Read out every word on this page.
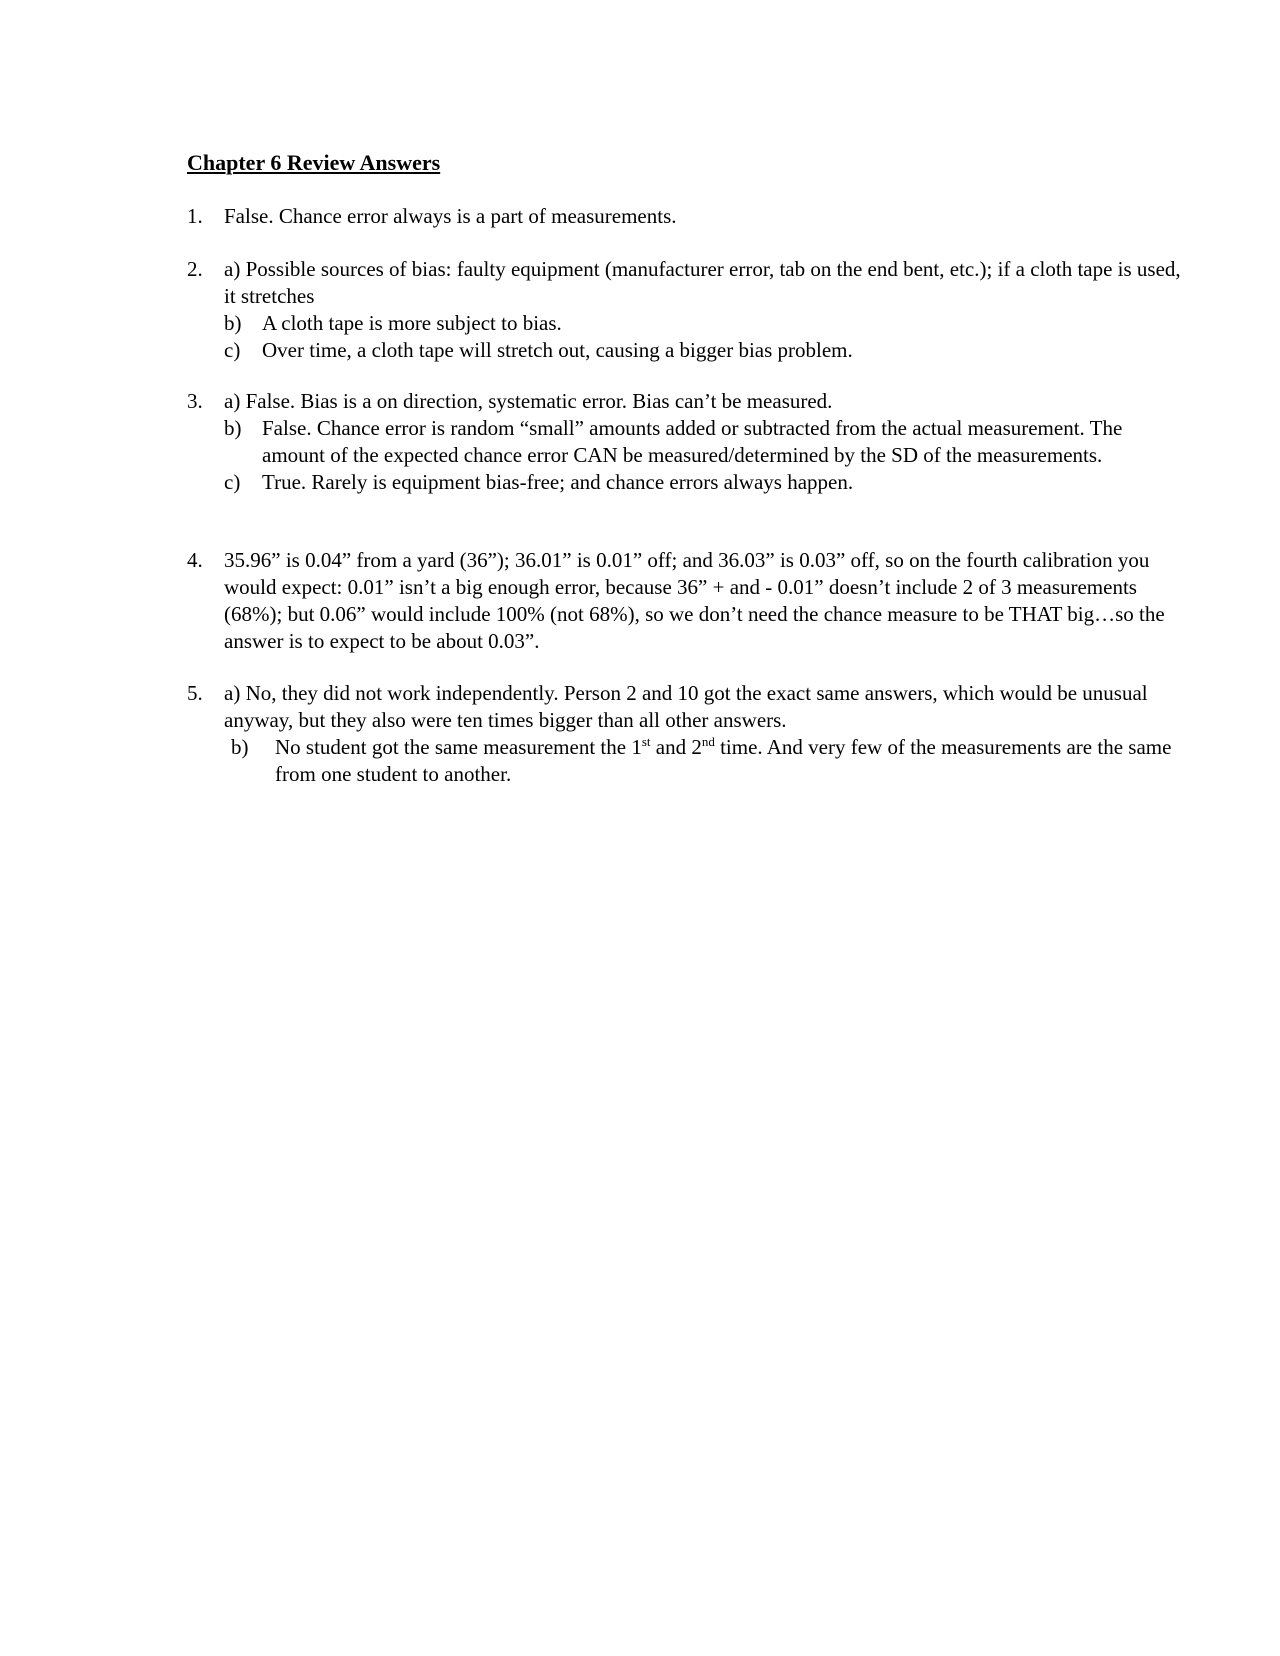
Chapter 6 Review Answers
1.	False. Chance error always is a part of measurements.
2.	a) Possible sources of bias: faulty equipment (manufacturer error, tab on the end bent, etc.); if a cloth tape is used, it stretches
b) A cloth tape is more subject to bias.
c) Over time, a cloth tape will stretch out, causing a bigger bias problem.
3.	a) False. Bias is a on direction, systematic error. Bias can’t be measured.
b) False. Chance error is random “small” amounts added or subtracted from the actual measurement. The amount of the expected chance error CAN be measured/determined by the SD of the measurements.
c) True. Rarely is equipment bias-free; and chance errors always happen.
4.	35.96” is 0.04” from a yard (36”); 36.01” is 0.01” off; and 36.03” is 0.03” off, so on the fourth calibration you would expect: 0.01” isn’t a big enough error, because 36” + and - 0.01” doesn’t include 2 of 3 measurements (68%); but 0.06” would include 100% (not 68%), so we don’t need the chance measure to be THAT big…so the answer is to expect to be about 0.03”.
5.	a) No, they did not work independently. Person 2 and 10 got the exact same answers, which would be unusual anyway, but they also were ten times bigger than all other answers.
b) No student got the same measurement the 1st and 2nd time. And very few of the measurements are the same from one student to another.
